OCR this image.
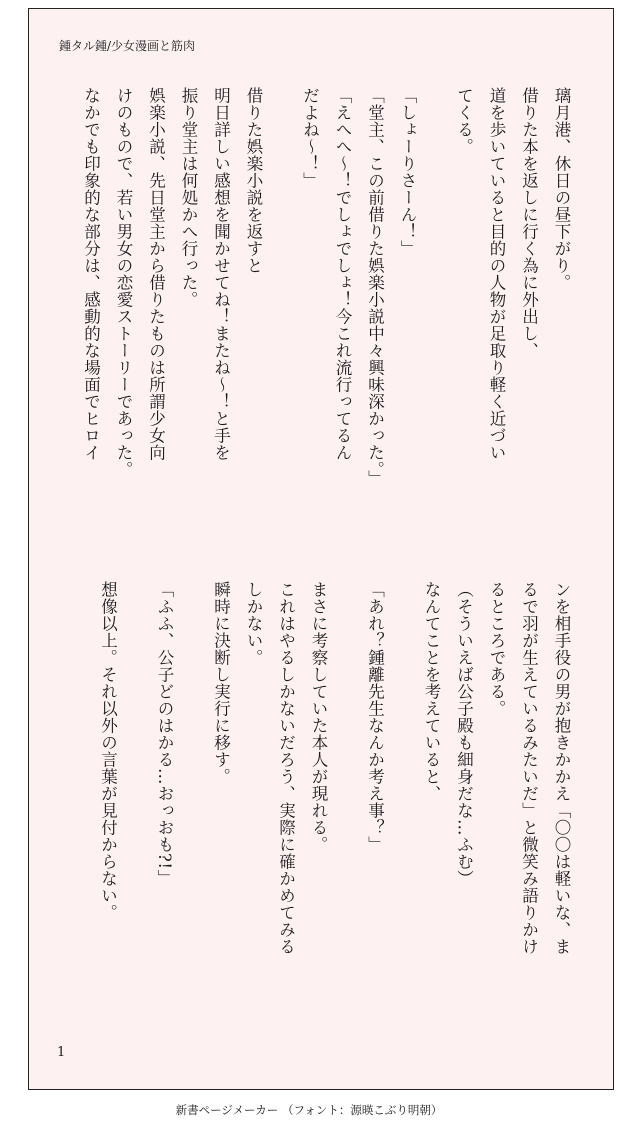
鍾タル鍾/少女漫画と筋肉
璃月港、休日の昼下がり。
借りた本を返しに行く為に外出し、
道を歩いていると目的の人物が足取り軽く近づい
てくる。
「しょーりさーん！」
「堂主、この前借りた娯楽小説中々興味深かった。」
「えへへ〜！でしょでしょ！今これ流行ってるん
だよね〜！」
借りた娯楽小説を返すと
明日詳しい感想を聞かせてね！またね〜！と手を
振り堂主は何処かへ行った。
娯楽小説、先日堂主から借りたものは所謂少女向
けのもので、若い男女の恋愛ストーリーであった。
なかでも印象的な部分は、感動的な場面でヒロイ
ンを相手役の男が抱きかかえ「〇〇は軽いな、ま
るで羽が生えているみたいだ」と微笑み語りかけ
るところである。
（そういえば公子殿も細身だな…ふむ）
なんてことを考えていると、
「あれ？鍾離先生なんか考え事？」
まさに考察していた本人が現れる。
これはやるしかないだろう、実際に確かめてみる
しかない。
瞬時に決断し実行に移す。
「ふふ、公子どのはかる…おっおも?!」
想像以上。それ以外の言葉が見付からない。
1
新書ページメーカー （フォント：源暎こぶり明朝）
